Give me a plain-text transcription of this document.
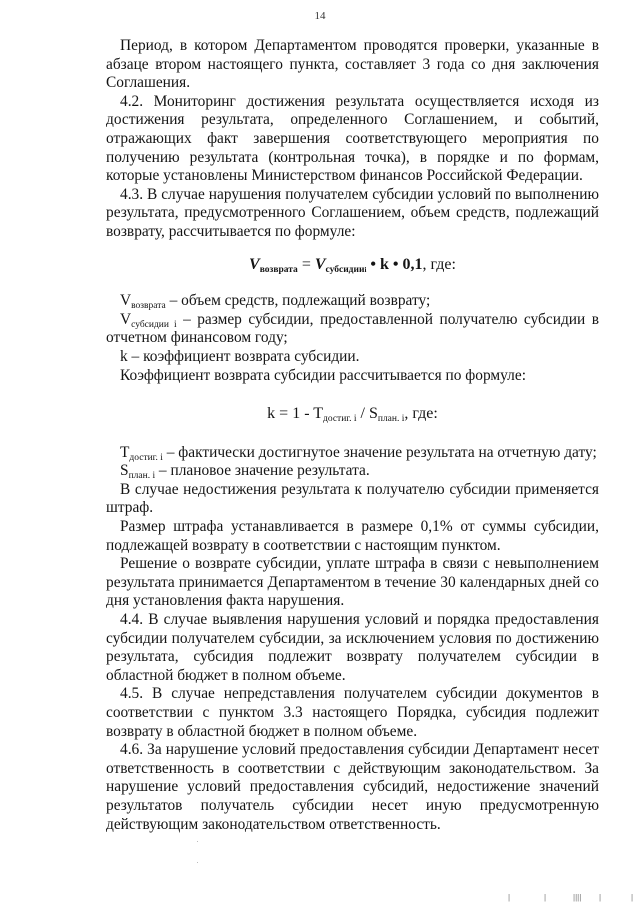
14

Период, в котором Департаментом проводятся проверки, указанные в абзаце втором настоящего пункта, составляет 3 года со дня заключения Соглашения.

4.2. Мониторинг достижения результата осуществляется исходя из достижения результата, определенного Соглашением, и событий, отражающих факт завершения соответствующего мероприятия по получению результата (контрольная точка), в порядке и по формам, которые установлены Министерством финансов Российской Федерации.

4.3. В случае нарушения получателем субсидии условий по выполнению результата, предусмотренного Соглашением, объем средств, подлежащий возврату, рассчитывается по формуле:

$V_{возврата} = V_{субсидииi}$ • k • 0,1, где:

$V_{возврата}$ – объем средств, подлежащий возврату;

$V_{субсидии i}$ – размер субсидии, предоставленной получателю субсидии в отчетном финансовом году;

k – коэффициент возврата субсидии.

Коэффициент возврата субсидии рассчитывается по формуле:

$k = 1 - T_{достиг. i} / S_{план. i}$, где:

$T_{достиг. i}$ – фактически достигнутое значение результата на отчетную дату;

$S_{план. i}$ – плановое значение результата.

В случае недостижения результата к получателю субсидии применяется штраф.

Размер штрафа устанавливается в размере 0,1% от суммы субсидии, подлежащей возврату в соответствии с настоящим пунктом.

Решение о возврате субсидии, уплате штрафа в связи с невыполнением результата принимается Департаментом в течение 30 календарных дней со дня установления факта нарушения.

4.4. В случае выявления нарушения условий и порядка предоставления субсидии получателем субсидии, за исключением условия по достижению результата, субсидия подлежит возврату получателем субсидии в областной бюджет в полном объеме.

4.5. В случае непредставления получателем субсидии документов в соответствии с пунктом 3.3 настоящего Порядка, субсидия подлежит возврату в областной бюджет в полном объеме.

4.6. За нарушение условий предоставления субсидии Департамент несет ответственность в соответствии с действующим законодательством. За нарушение условий предоставления субсидий, недостижение значений результатов получатель субсидии несет иную предусмотренную действующим законодательством ответственность.

|	|	|||| |	|
